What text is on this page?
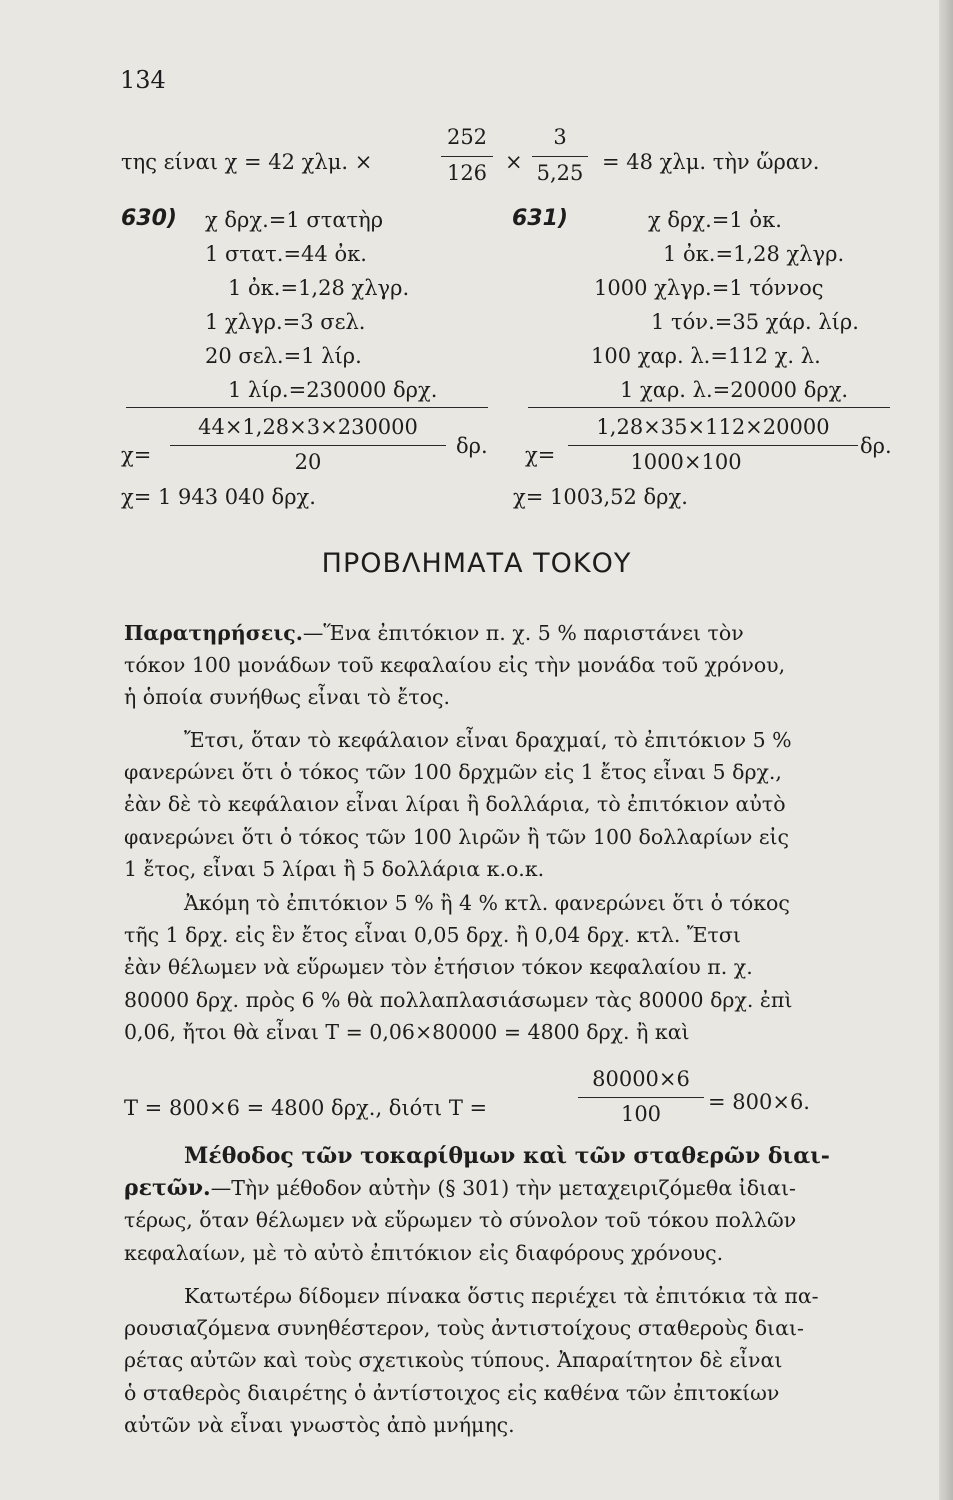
134
της είναι χ = 42 χλμ. ×
252
126 ×
3
5,25 = 48 χλμ. τὴν ὥραν.
630) χ δρχ.=1 στατὴρ
1 στατ.=44 ὀκ.
1 ὀκ.=1,28 χλγρ.
1 χλγρ.=3 σελ.
20 σελ.=1 λίρ.
1 λίρ.=230000 δρχ.
χ=
44×1,28×3×230000
20
δρ.
χ= 1 943 040 δρχ.
631)	χ δρχ.=1 ὀκ.
1 ὀκ.=1,28 χλγρ.
1000 χλγρ.=1 τόννος
1 τόν.=35 χάρ. λίρ.
100 χαρ. λ.=112 χ. λ.
1 χαρ. λ.=20000 δρχ.
χ=
1,28×35×112×20000
1000×100
δρ.
χ= 1003,52 δρχ.
ΠΡΟΒΛΗΜΑΤΑ ΤΟΚΟΥ
Παρατηρήσεις.—Ἕνα ἐπιτόκιον π. χ. 5 % παριστάνει τὸν
τόκον 100 μονάδων τοῦ κεφαλαίου εἰς τὴν μονάδα τοῦ χρόνου,
ἡ ὁποία συνήθως εἶναι τὸ ἔτος.
Ἔτσι, ὅταν τὸ κεφάλαιον εἶναι δραχμαί, τὸ ἐπιτόκιον 5 %
φανερώνει ὅτι ὁ τόκος τῶν 100 δρχμῶν εἰς 1 ἔτος εἶναι 5 δρχ.,
ἐὰν δὲ τὸ κεφάλαιον εἶναι λίραι ἢ δολλάρια, τὸ ἐπιτόκιον αὐτὸ
φανερώνει ὅτι ὁ τόκος τῶν 100 λιρῶν ἢ τῶν 100 δολλαρίων εἰς
1 ἔτος, εἶναι 5 λίραι ἢ 5 δολλάρια κ.ο.κ.
Ἀκόμη τὸ ἐπιτόκιον 5 % ἢ 4 % κτλ. φανερώνει ὅτι ὁ τόκος
τῆς 1 δρχ. εἰς ἓν ἔτος εἶναι 0,05 δρχ. ἢ 0,04 δρχ. κτλ. Ἔτσι
ἐὰν θέλωμεν νὰ εὕρωμεν τὸν ἐτήσιον τόκον κεφαλαίου π. χ.
80000 δρχ. πρὸς 6 % θὰ πολλαπλασιάσωμεν τὰς 80000 δρχ. ἐπὶ
0,06, ἤτοι θὰ εἶναι T = 0,06×80000 = 4800 δρχ. ἢ καὶ
T = 800×6 = 4800 δρχ., διότι T =
80000×6
100	= 800×6.
Μέθοδος τῶν τοκαρίθμων καὶ τῶν σταθερῶν διαι-
ρετῶν.—Τὴν μέθοδον αὐτὴν (§ 301) τὴν μεταχειριζόμεθα ἰδιαι-
τέρως, ὅταν θέλωμεν νὰ εὕρωμεν τὸ σύνολον τοῦ τόκου πολλῶν
κεφαλαίων, μὲ τὸ αὐτὸ ἐπιτόκιον εἰς διαφόρους χρόνους.
Κατωτέρω δίδομεν πίνακα ὅστις περιέχει τὰ ἐπιτόκια τὰ πα-
ρουσιαζόμενα συνηθέστερον, τοὺς ἀντιστοίχους σταθεροὺς διαι-
ρέτας αὐτῶν καὶ τοὺς σχετικοὺς τύπους. Ἀπαραίτητον δὲ εἶναι
ὁ σταθερὸς διαιρέτης ὁ ἀντίστοιχος εἰς καθένα τῶν ἐπιτοκίων
αὐτῶν νὰ εἶναι γνωστὸς ἀπὸ μνήμης.
